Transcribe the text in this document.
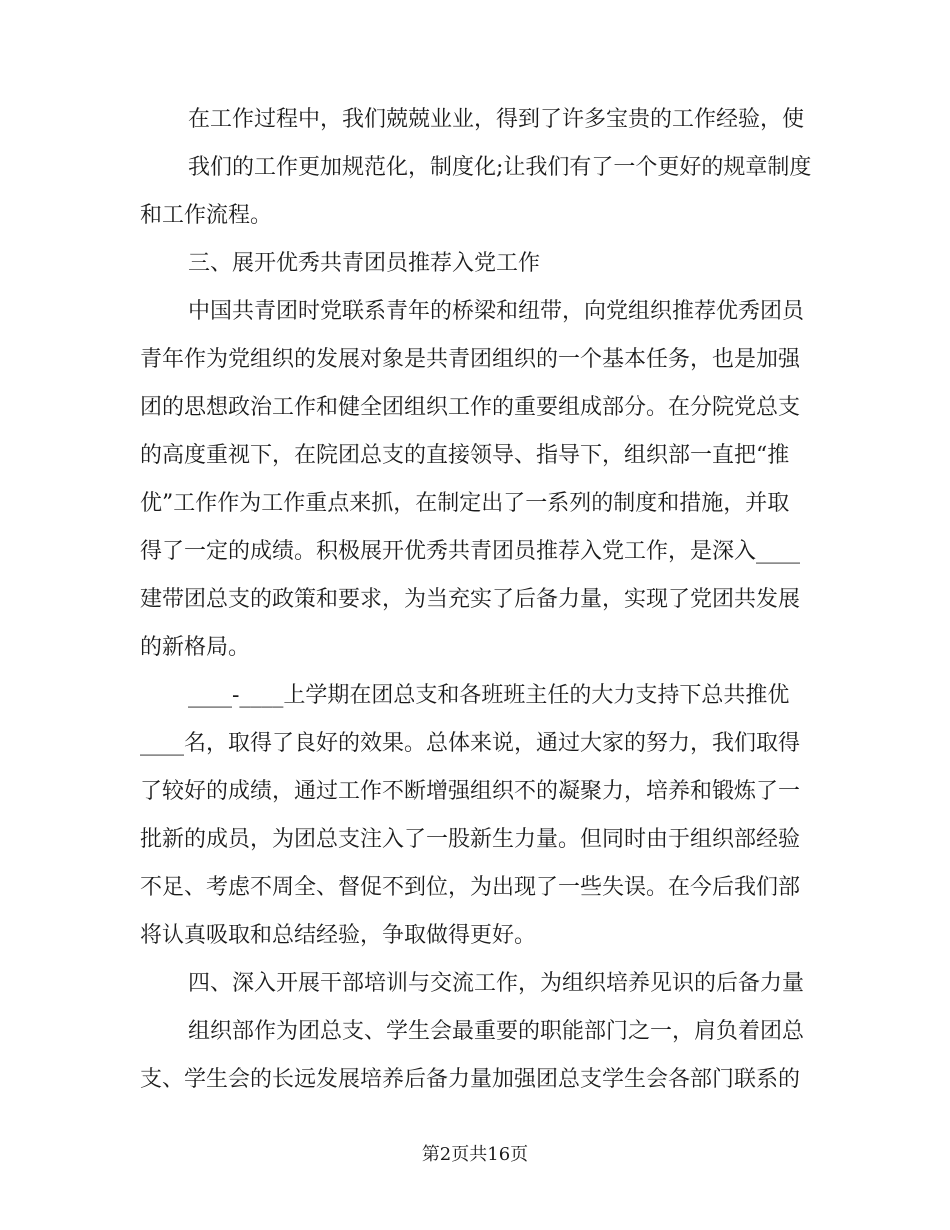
在工作过程中，我们兢兢业业，得到了许多宝贵的工作经验，使
我们的工作更加规范化，制度化;让我们有了一个更好的规章制度
和工作流程。
三、展开优秀共青团员推荐入党工作
中国共青团时党联系青年的桥梁和纽带，向党组织推荐优秀团员
青年作为党组织的发展对象是共青团组织的一个基本任务，也是加强
团的思想政治工作和健全团组织工作的重要组成部分。在分院党总支
的高度重视下，在院团总支的直接领导、指导下，组织部一直把“推
优”工作作为工作重点来抓，在制定出了一系列的制度和措施，并取
得了一定的成绩。积极展开优秀共青团员推荐入党工作，是深入____
建带团总支的政策和要求，为当充实了后备力量，实现了党团共发展
的新格局。
____-____上学期在团总支和各班班主任的大力支持下总共推优
____名，取得了良好的效果。总体来说，通过大家的努力，我们取得
了较好的成绩，通过工作不断增强组织不的凝聚力，培养和锻炼了一
批新的成员，为团总支注入了一股新生力量。但同时由于组织部经验
不足、考虑不周全、督促不到位，为出现了一些失误。在今后我们部
将认真吸取和总结经验，争取做得更好。
四、深入开展干部培训与交流工作，为组织培养见识的后备力量
组织部作为团总支、学生会最重要的职能部门之一，肩负着团总
支、学生会的长远发展培养后备力量加强团总支学生会各部门联系的
第2页共16页
